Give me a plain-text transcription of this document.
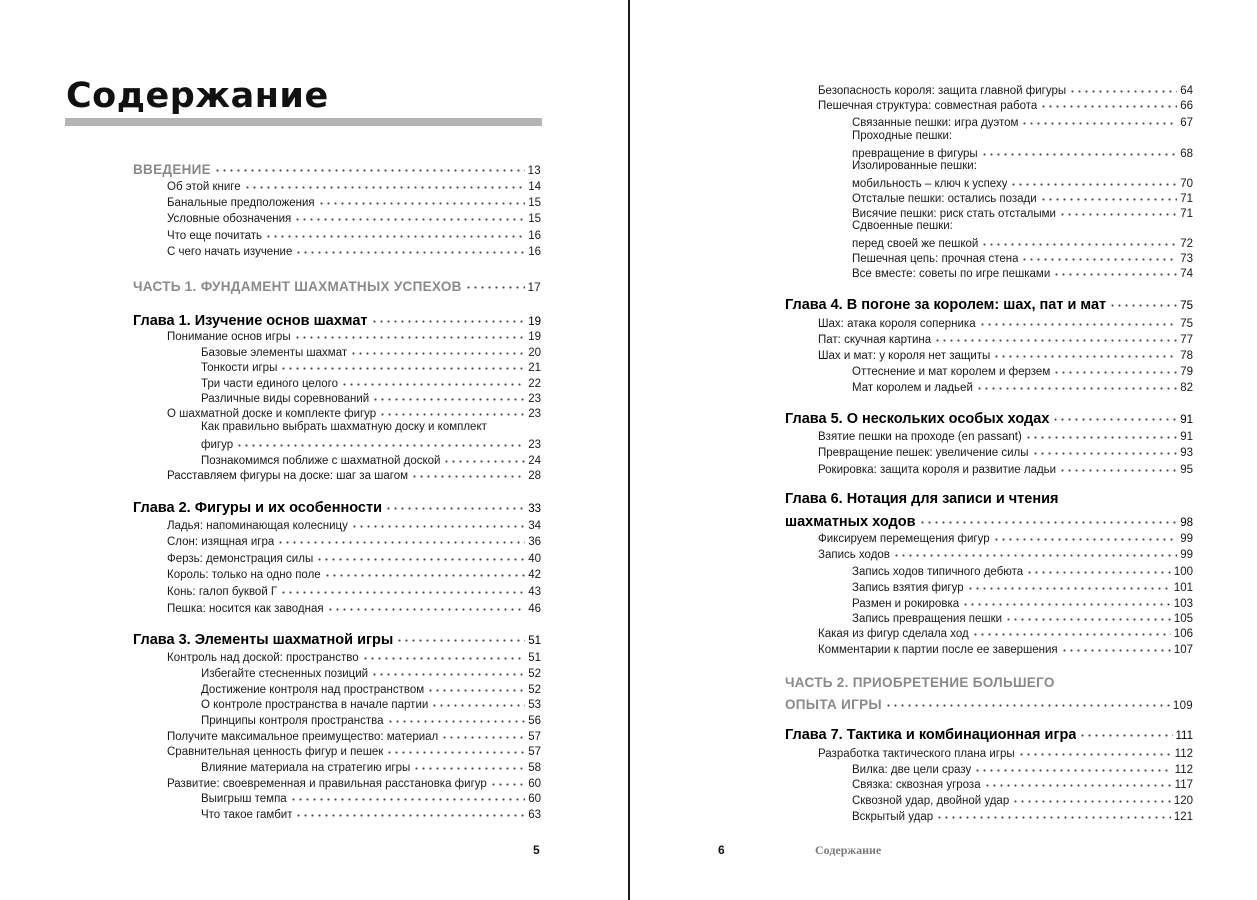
Содержание
ВВЕДЕНИЕ	13
Об этой книге	14
Банальные предположения	15
Условные обозначения	15
Что еще почитать	16
С чего начать изучение	16
ЧАСТЬ 1. ФУНДАМЕНТ ШАХМАТНЫХ УСПЕХОВ	17
Глава 1. Изучение основ шахмат	19
Понимание основ игры	19
Базовые элементы шахмат	20
Тонкости игры	21
Три части единого целого	22
Различные виды соревнований	23
О шахматной доске и комплекте фигур	23
Как правильно выбрать шахматную доску и комплект
фигур	23
Познакомимся поближе с шахматной доской	24
Расставляем фигуры на доске: шаг за шагом	28
Глава 2. Фигуры и их особенности	33
Ладья: напоминающая колесницу	34
Слон: изящная игра	36
Ферзь: демонстрация силы	40
Король: только на одно поле	42
Конь: галоп буквой Г	43
Пешка: носится как заводная	46
Глава 3. Элементы шахматной игры	51
Контроль над доской: пространство	51
Избегайте стесненных позиций	52
Достижение контроля над пространством	52
О контроле пространства в начале партии	53
Принципы контроля пространства	56
Получите максимальное преимущество: материал	57
Сравнительная ценность фигур и пешек	57
Влияние материала на стратегию игры	58
Развитие: своевременная и правильная расстановка фигур	60
Выигрыш темпа	60
Что такое гамбит	63
5
Безопасность короля: защита главной фигуры	64
Пешечная структура: совместная работа	66
Связанные пешки: игра дуэтом	67
Проходные пешки:
превращение в фигуры	68
Изолированные пешки:
мобильность – ключ к успеху	70
Отсталые пешки: остались позади	71
Висячие пешки: риск стать отсталыми	71
Сдвоенные пешки:
перед своей же пешкой	72
Пешечная цепь: прочная стена	73
Все вместе: советы по игре пешками	74
Глава 4. В погоне за королем: шах, пат и мат	75
Шах: атака короля соперника	75
Пат: скучная картина	77
Шах и мат: у короля нет защиты	78
Оттеснение и мат королем и ферзем	79
Мат королем и ладьей	82
Глава 5. О нескольких особых ходах	91
Взятие пешки на проходе (en passant)	91
Превращение пешек: увеличение силы	93
Рокировка: защита короля и развитие ладьи	95
Глава 6. Нотация для записи и чтения
шахматных ходов	98
Фиксируем перемещения фигур	99
Запись ходов	99
Запись ходов типичного дебюта	100
Запись взятия фигур	101
Размен и рокировка	103
Запись превращения пешки	105
Какая из фигур сделала ход	106
Комментарии к партии после ее завершения	107
ЧАСТЬ 2. ПРИОБРЕТЕНИЕ БОЛЬШЕГО
ОПЫТА ИГРЫ	109
Глава 7. Тактика и комбинационная игра	111
Разработка тактического плана игры	112
Вилка: две цели сразу	112
Связка: сквозная угроза	117
Сквозной удар, двойной удар	120
Вскрытый удар	121
6	Содержание
